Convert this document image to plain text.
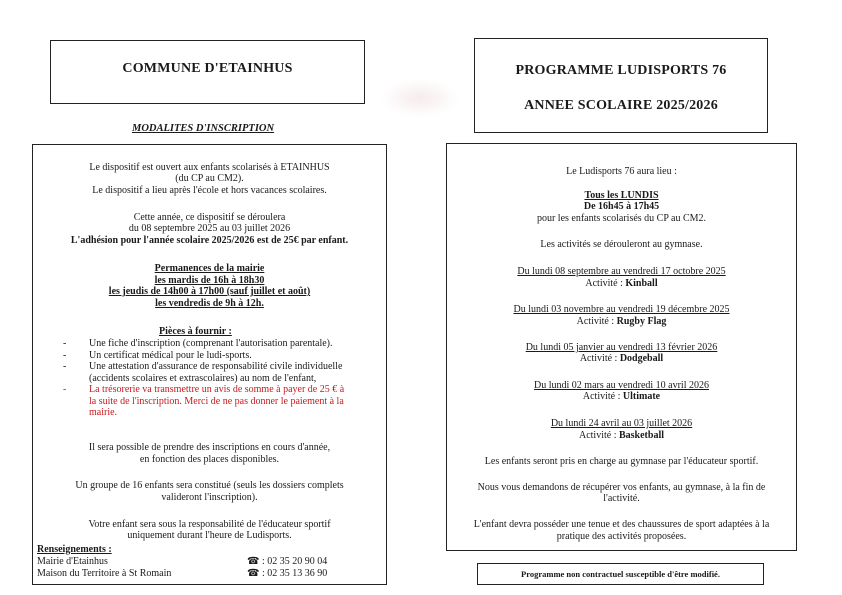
COMMUNE D'ETAINHUS
MODALITES D'INSCRIPTION
Le dispositif est ouvert aux enfants scolarisés à ETAINHUS
(du CP au CM2).
Le dispositif a lieu après l'école et hors vacances scolaires.
Cette année, ce dispositif se déroulera
du 08 septembre 2025 au 03 juillet 2026
L'adhésion pour l'année scolaire 2025/2026 est de 25€ par enfant.
Permanences de la mairie
les mardis de 16h à 18h30
les jeudis de 14h00 à 17h00 (sauf juillet et août)
les vendredis de 9h à 12h.
Pièces à fournir :
- Une fiche d'inscription (comprenant l'autorisation parentale).
- Un certificat médical pour le ludi-sports.
- Une attestation d'assurance de responsabilité civile individuelle
(accidents scolaires et extrascolaires) au nom de l'enfant,
- La trésorerie va transmettre un avis de somme à payer de 25 € à
la suite de l'inscription. Merci de ne pas donner le paiement à la
mairie.
Il sera possible de prendre des inscriptions en cours d'année,
en fonction des places disponibles.
Un groupe de 16 enfants sera constitué (seuls les dossiers complets
valideront l'inscription).
Votre enfant sera sous la responsabilité de l'éducateur sportif
uniquement durant l'heure de Ludisports.
Renseignements :
Mairie d'Etainhus	☎ : 02 35 20 90 04
Maison du Territoire à St Romain	☎ : 02 35 13 36 90
PROGRAMME LUDISPORTS 76
ANNEE SCOLAIRE 2025/2026
Le Ludisports 76 aura lieu :
Tous les LUNDIS
De 16h45 à 17h45
pour les enfants scolarisés du CP au CM2.
Les activités se dérouleront au gymnase.
Du lundi 08 septembre au vendredi 17 octobre 2025
Activité : Kinball
Du lundi 03 novembre au vendredi 19 décembre 2025
Activité : Rugby Flag
Du lundi 05 janvier au vendredi 13 février 2026
Activité : Dodgeball
Du lundi 02 mars au vendredi 10 avril 2026
Activité : Ultimate
Du lundi 24 avril au 03 juillet 2026
Activité : Basketball
Les enfants seront pris en charge au gymnase par l'éducateur sportif.
Nous vous demandons de récupérer vos enfants, au gymnase, à la fin de
l'activité.
L'enfant devra posséder une tenue et des chaussures de sport adaptées à la
pratique des activités proposées.
Programme non contractuel susceptible d'être modifié.
